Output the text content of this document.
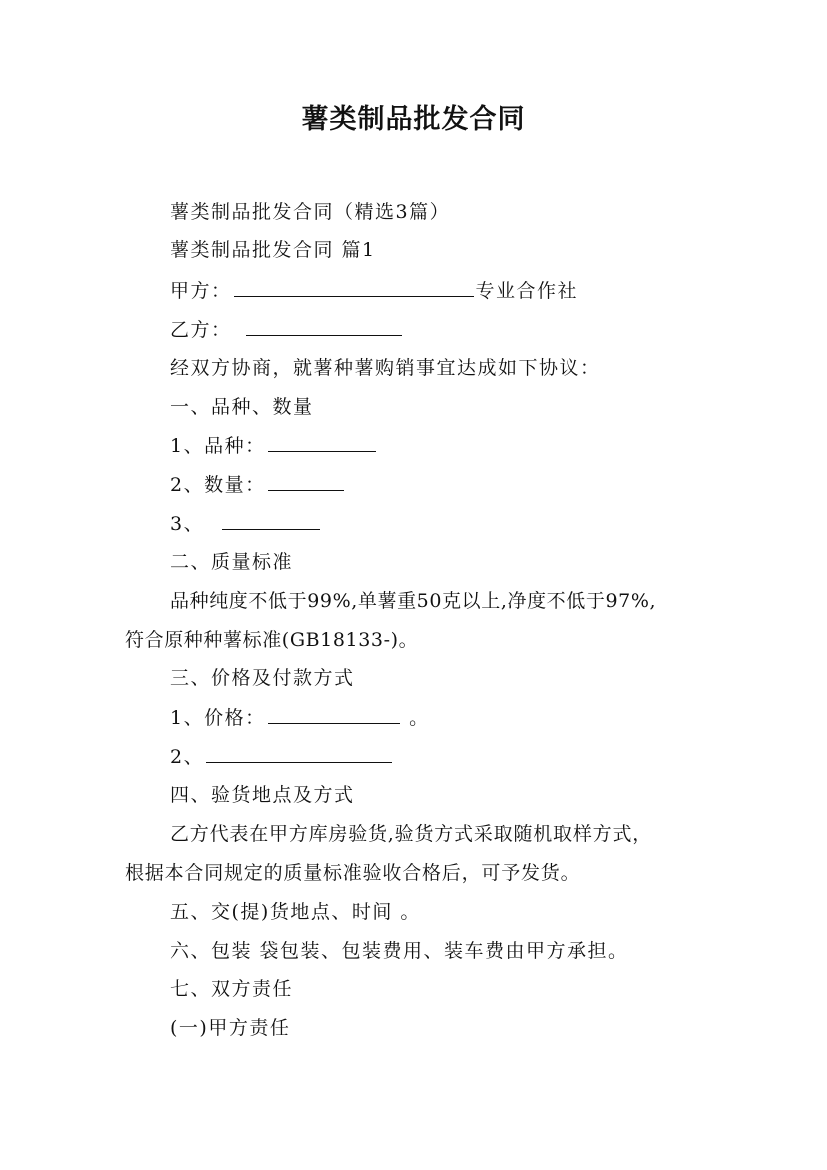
薯类制品批发合同
薯类制品批发合同（精选3篇）
薯类制品批发合同 篇1
甲方：	专业合作社
乙方：
经双方协商，就薯种薯购销事宜达成如下协议：
一、品种、数量
1、品种：
2、数量：
3、
二、质量标准
品种纯度不低于99%,单薯重50克以上,净度不低于97%,
符合原种种薯标准(GB18133-)。
三、价格及付款方式
1、价格：	。
2、
四、验货地点及方式
乙方代表在甲方库房验货,验货方式采取随机取样方式，
根据本合同规定的质量标准验收合格后，可予发货。
五、交(提)货地点、时间 。
六、包装 袋包装、包装费用、装车费由甲方承担。
七、双方责任
(一)甲方责任
